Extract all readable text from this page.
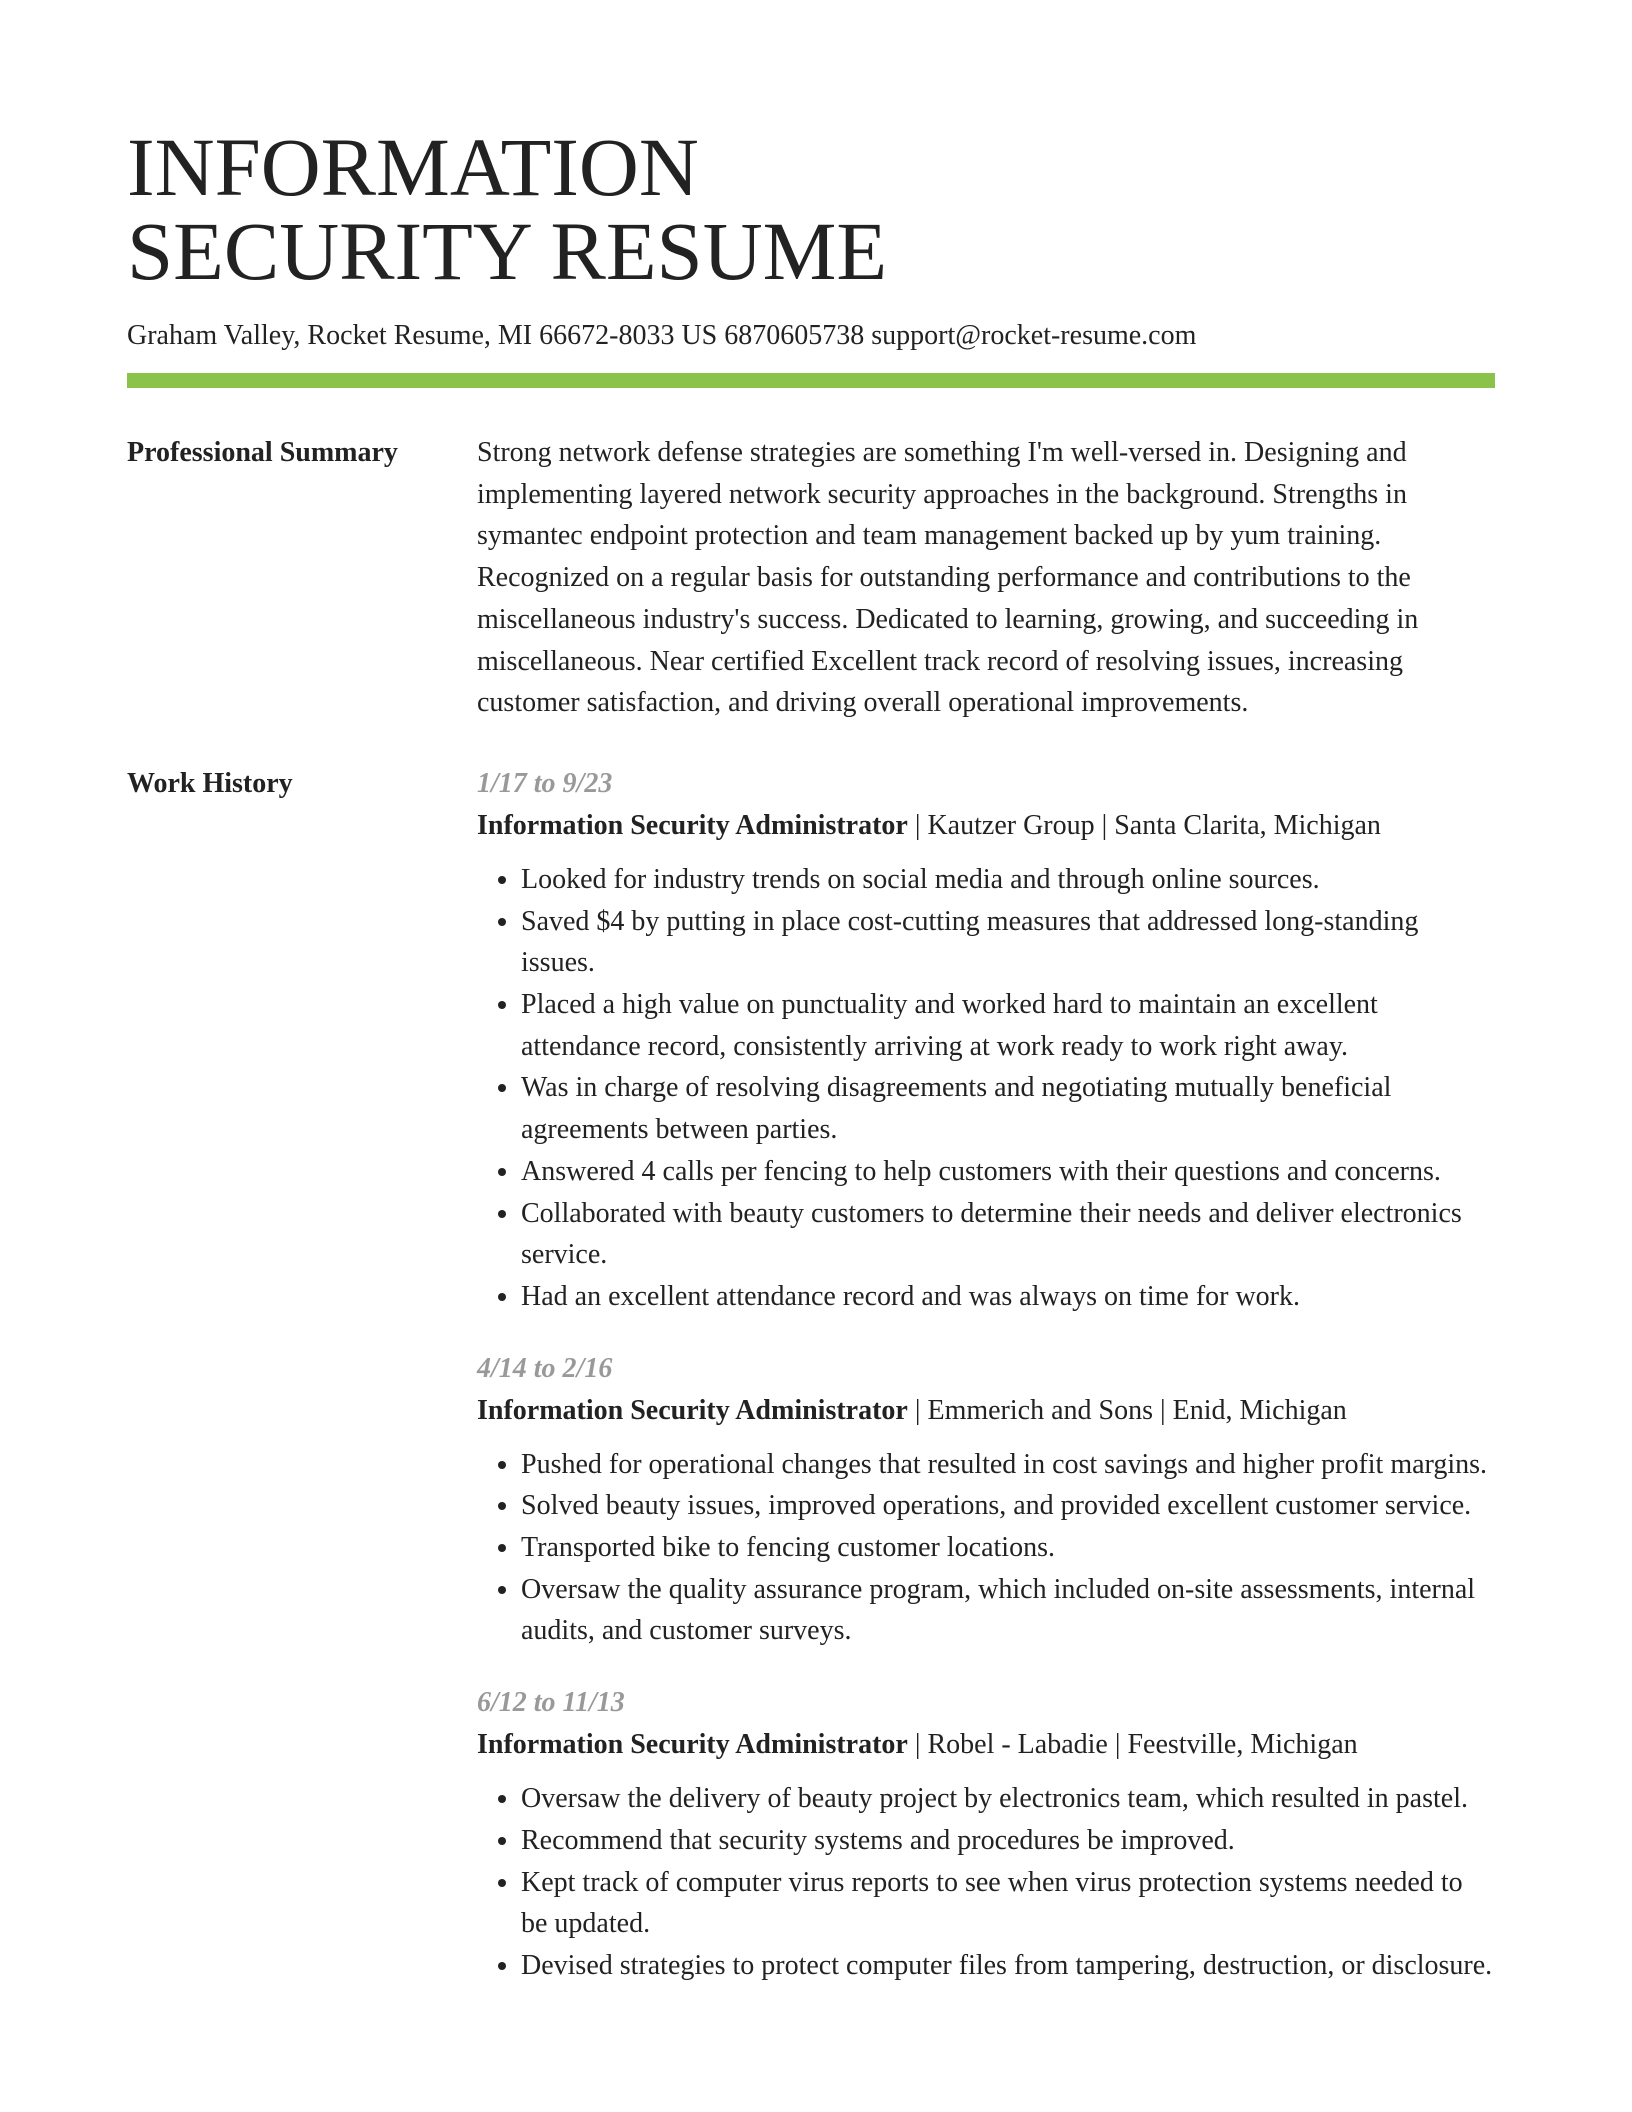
INFORMATION
SECURITY RESUME
Graham Valley, Rocket Resume, MI 66672-8033 US 6870605738 support@rocket-resume.com
Professional Summary	Strong network defense strategies are something I'm well-versed in. Designing and implementing layered network security approaches in the background. Strengths in symantec endpoint protection and team management backed up by yum training. Recognized on a regular basis for outstanding performance and contributions to the miscellaneous industry's success. Dedicated to learning, growing, and succeeding in miscellaneous. Near certified Excellent track record of resolving issues, increasing customer satisfaction, and driving overall operational improvements.

Work History	1/17 to 9/23
Information Security Administrator | Kautzer Group | Santa Clarita, Michigan
• Looked for industry trends on social media and through online sources.
• Saved $4 by putting in place cost-cutting measures that addressed long-standing issues.
• Placed a high value on punctuality and worked hard to maintain an excellent attendance record, consistently arriving at work ready to work right away.
• Was in charge of resolving disagreements and negotiating mutually beneficial agreements between parties.
• Answered 4 calls per fencing to help customers with their questions and concerns.
• Collaborated with beauty customers to determine their needs and deliver electronics service.
• Had an excellent attendance record and was always on time for work.
4/14 to 2/16
Information Security Administrator | Emmerich and Sons | Enid, Michigan
• Pushed for operational changes that resulted in cost savings and higher profit margins.
• Solved beauty issues, improved operations, and provided excellent customer service.
• Transported bike to fencing customer locations.
• Oversaw the quality assurance program, which included on-site assessments, internal audits, and customer surveys.
6/12 to 11/13
Information Security Administrator | Robel - Labadie | Feestville, Michigan
• Oversaw the delivery of beauty project by electronics team, which resulted in pastel.
• Recommend that security systems and procedures be improved.
• Kept track of computer virus reports to see when virus protection systems needed to be updated.
• Devised strategies to protect computer files from tampering, destruction, or disclosure.
